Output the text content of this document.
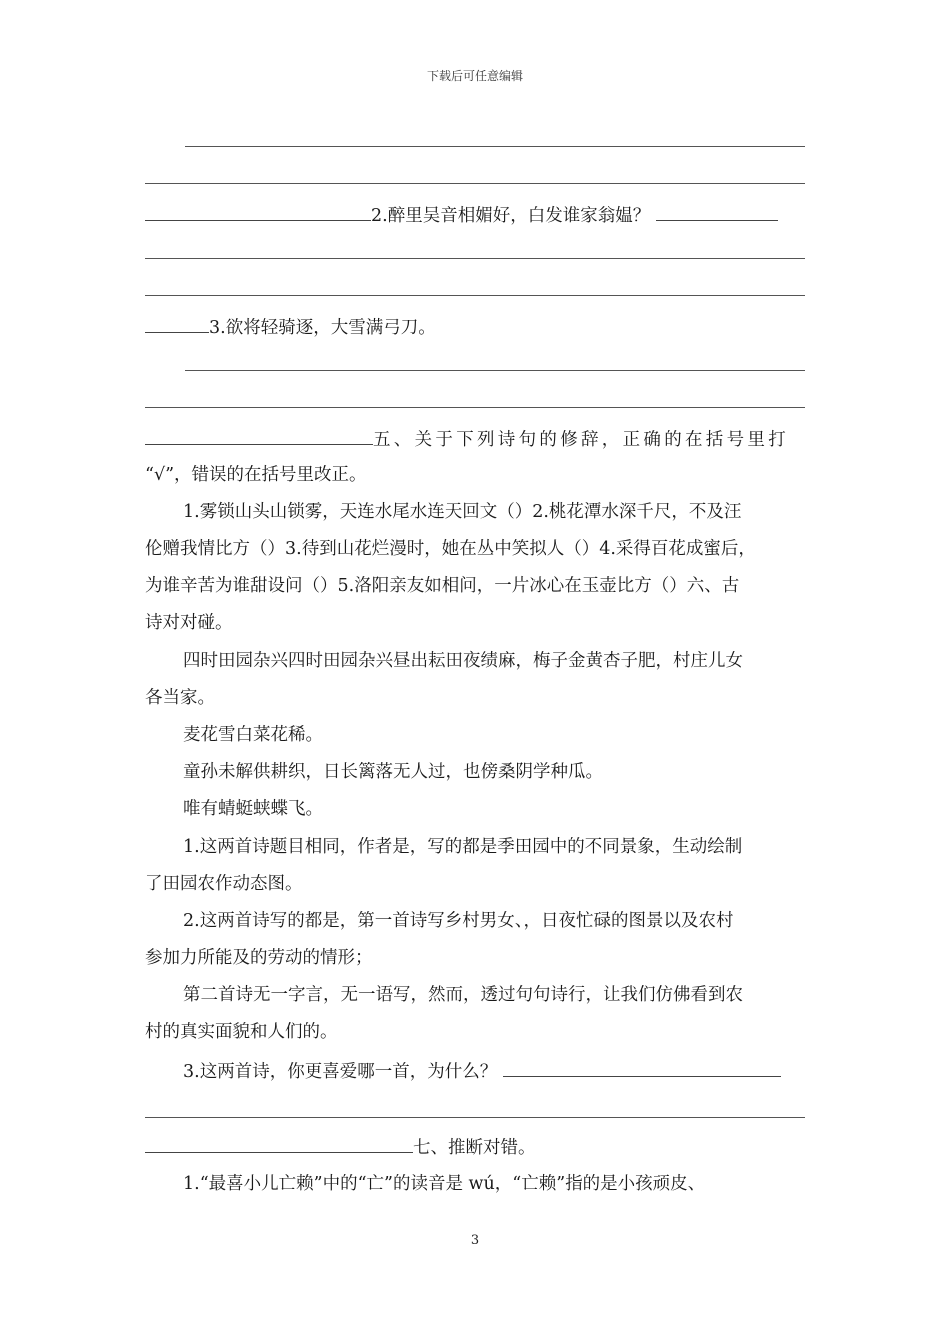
下载后可任意编辑
2.醉里吴音相媚好，白发谁家翁媪？
3.欲将轻骑逐，大雪满弓刀。
五、关于下列诗句的修辞，正确的在括号里打
“√”，错误的在括号里改正。
1.雾锁山头山锁雾，天连水尾水连天回文（）2.桃花潭水深千尺，不及汪
伦赠我情比方（）3.待到山花烂漫时，她在丛中笑拟人（）4.采得百花成蜜后，
为谁辛苦为谁甜设问（）5.洛阳亲友如相问，一片冰心在玉壶比方（）六、古
诗对对碰。
四时田园杂兴四时田园杂兴昼出耘田夜绩麻，梅子金黄杏子肥，村庄儿女
各当家。
麦花雪白菜花稀。
童孙未解供耕织，日长篱落无人过，也傍桑阴学种瓜。
唯有蜻蜓蛱蝶飞。
1.这两首诗题目相同，作者是，写的都是季田园中的不同景象，生动绘制
了田园农作动态图。
2.这两首诗写的都是，第一首诗写乡村男女、，日夜忙碌的图景以及农村
参加力所能及的劳动的情形；
第二首诗无一字言，无一语写，然而，透过句句诗行，让我们仿佛看到农
村的真实面貌和人们的。
3.这两首诗，你更喜爱哪一首，为什么？
七、推断对错。
1.“最喜小儿亡赖”中的“亡”的读音是 wú，“亡赖”指的是小孩顽皮、
3
